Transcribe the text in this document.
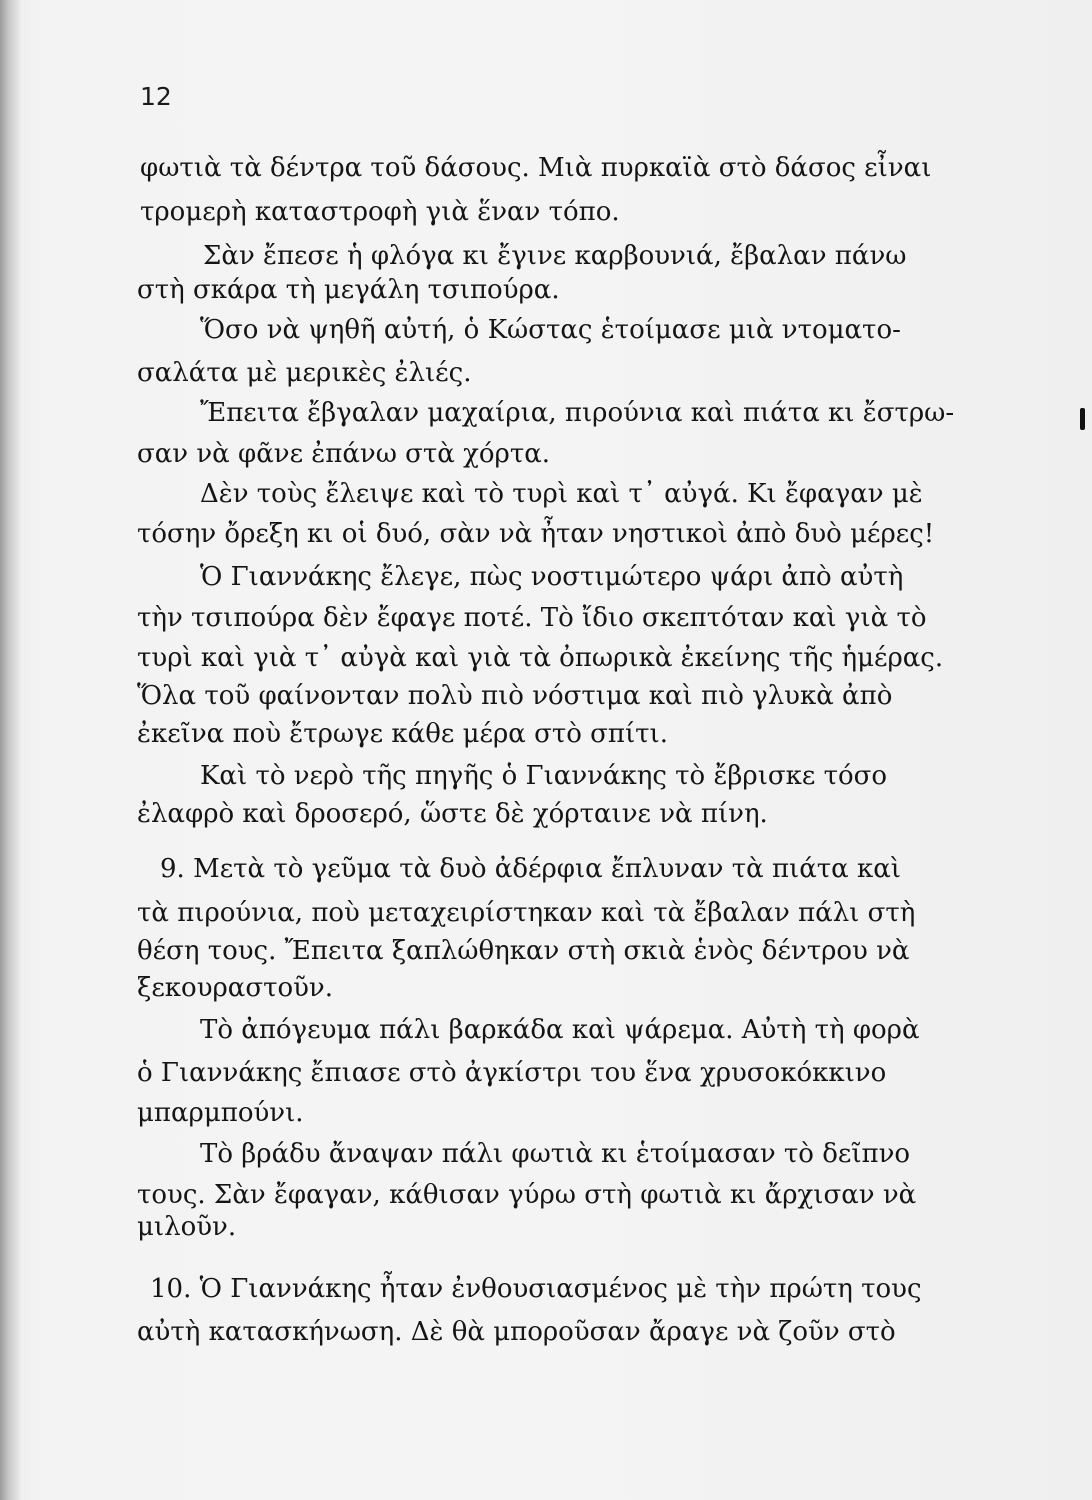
12

φωτιὰ τὰ δέντρα τοῦ δάσους. Μιὰ πυρκαϊὰ στὸ δάσος εἶναι

τρομερὴ καταστροφὴ γιὰ ἕναν τόπο.

Σὰν ἔπεσε ἡ φλόγα κι ἔγινε καρβουνιά, ἔβαλαν πάνω

στὴ σκάρα τὴ μεγάλη τσιπούρα.

Ὅσο νὰ ψηθῆ αὐτή, ὁ Κώστας ἑτοίμασε μιὰ ντοματο-

σαλάτα μὲ μερικὲς ἐλιές.

Ἔπειτα ἔβγαλαν μαχαίρια, πιρούνια καὶ πιάτα κι ἔστρω-

σαν νὰ φᾶνε ἐπάνω στὰ χόρτα.

Δὲν τοὺς ἔλειψε καὶ τὸ τυρὶ καὶ τ᾿ αὐγά. Κι ἔφαγαν μὲ

τόσην ὄρεξη κι οἱ δυό, σὰν νὰ ἦταν νηστικοὶ ἀπὸ δυὸ μέρες!

Ὁ Γιαννάκης ἔλεγε, πὼς νοστιμώτερο ψάρι ἀπὸ αὐτὴ

τὴν τσιπούρα δὲν ἔφαγε ποτέ. Τὸ ἴδιο σκεπτόταν καὶ γιὰ τὸ

τυρὶ καὶ γιὰ τ᾿ αὐγὰ καὶ γιὰ τὰ ὀπωρικὰ ἐκείνης τῆς ἡμέρας.

Ὅλα τοῦ φαίνονταν πολὺ πιὸ νόστιμα καὶ πιὸ γλυκὰ ἀπὸ

ἐκεῖνα ποὺ ἔτρωγε κάθε μέρα στὸ σπίτι.

Καὶ τὸ νερὸ τῆς πηγῆς ὁ Γιαννάκης τὸ ἔβρισκε τόσο

ἐλαφρὸ καὶ δροσερό, ὥστε δὲ χόρταινε νὰ πίνη.

9. Μετὰ τὸ γεῦμα τὰ δυὸ ἀδέρφια ἔπλυναν τὰ πιάτα καὶ

τὰ πιρούνια, ποὺ μεταχειρίστηκαν καὶ τὰ ἔβαλαν πάλι στὴ

θέση τους. Ἔπειτα ξαπλώθηκαν στὴ σκιὰ ἑνὸς δέντρου νὰ

ξεκουραστοῦν.

Τὸ ἀπόγευμα πάλι βαρκάδα καὶ ψάρεμα. Αὐτὴ τὴ φορὰ

ὁ Γιαννάκης ἔπιασε στὸ ἀγκίστρι του ἕνα χρυσοκόκκινο

μπαρμπούνι.

Τὸ βράδυ ἄναψαν πάλι φωτιὰ κι ἑτοίμασαν τὸ δεῖπνο

τους. Σὰν ἔφαγαν, κάθισαν γύρω στὴ φωτιὰ κι ἄρχισαν νὰ

μιλοῦν.

10. Ὁ Γιαννάκης ἦταν ἐνθουσιασμένος μὲ τὴν πρώτη τους

αὐτὴ κατασκήνωση. Δὲ θὰ μποροῦσαν ἄραγε νὰ ζοῦν στὸ
